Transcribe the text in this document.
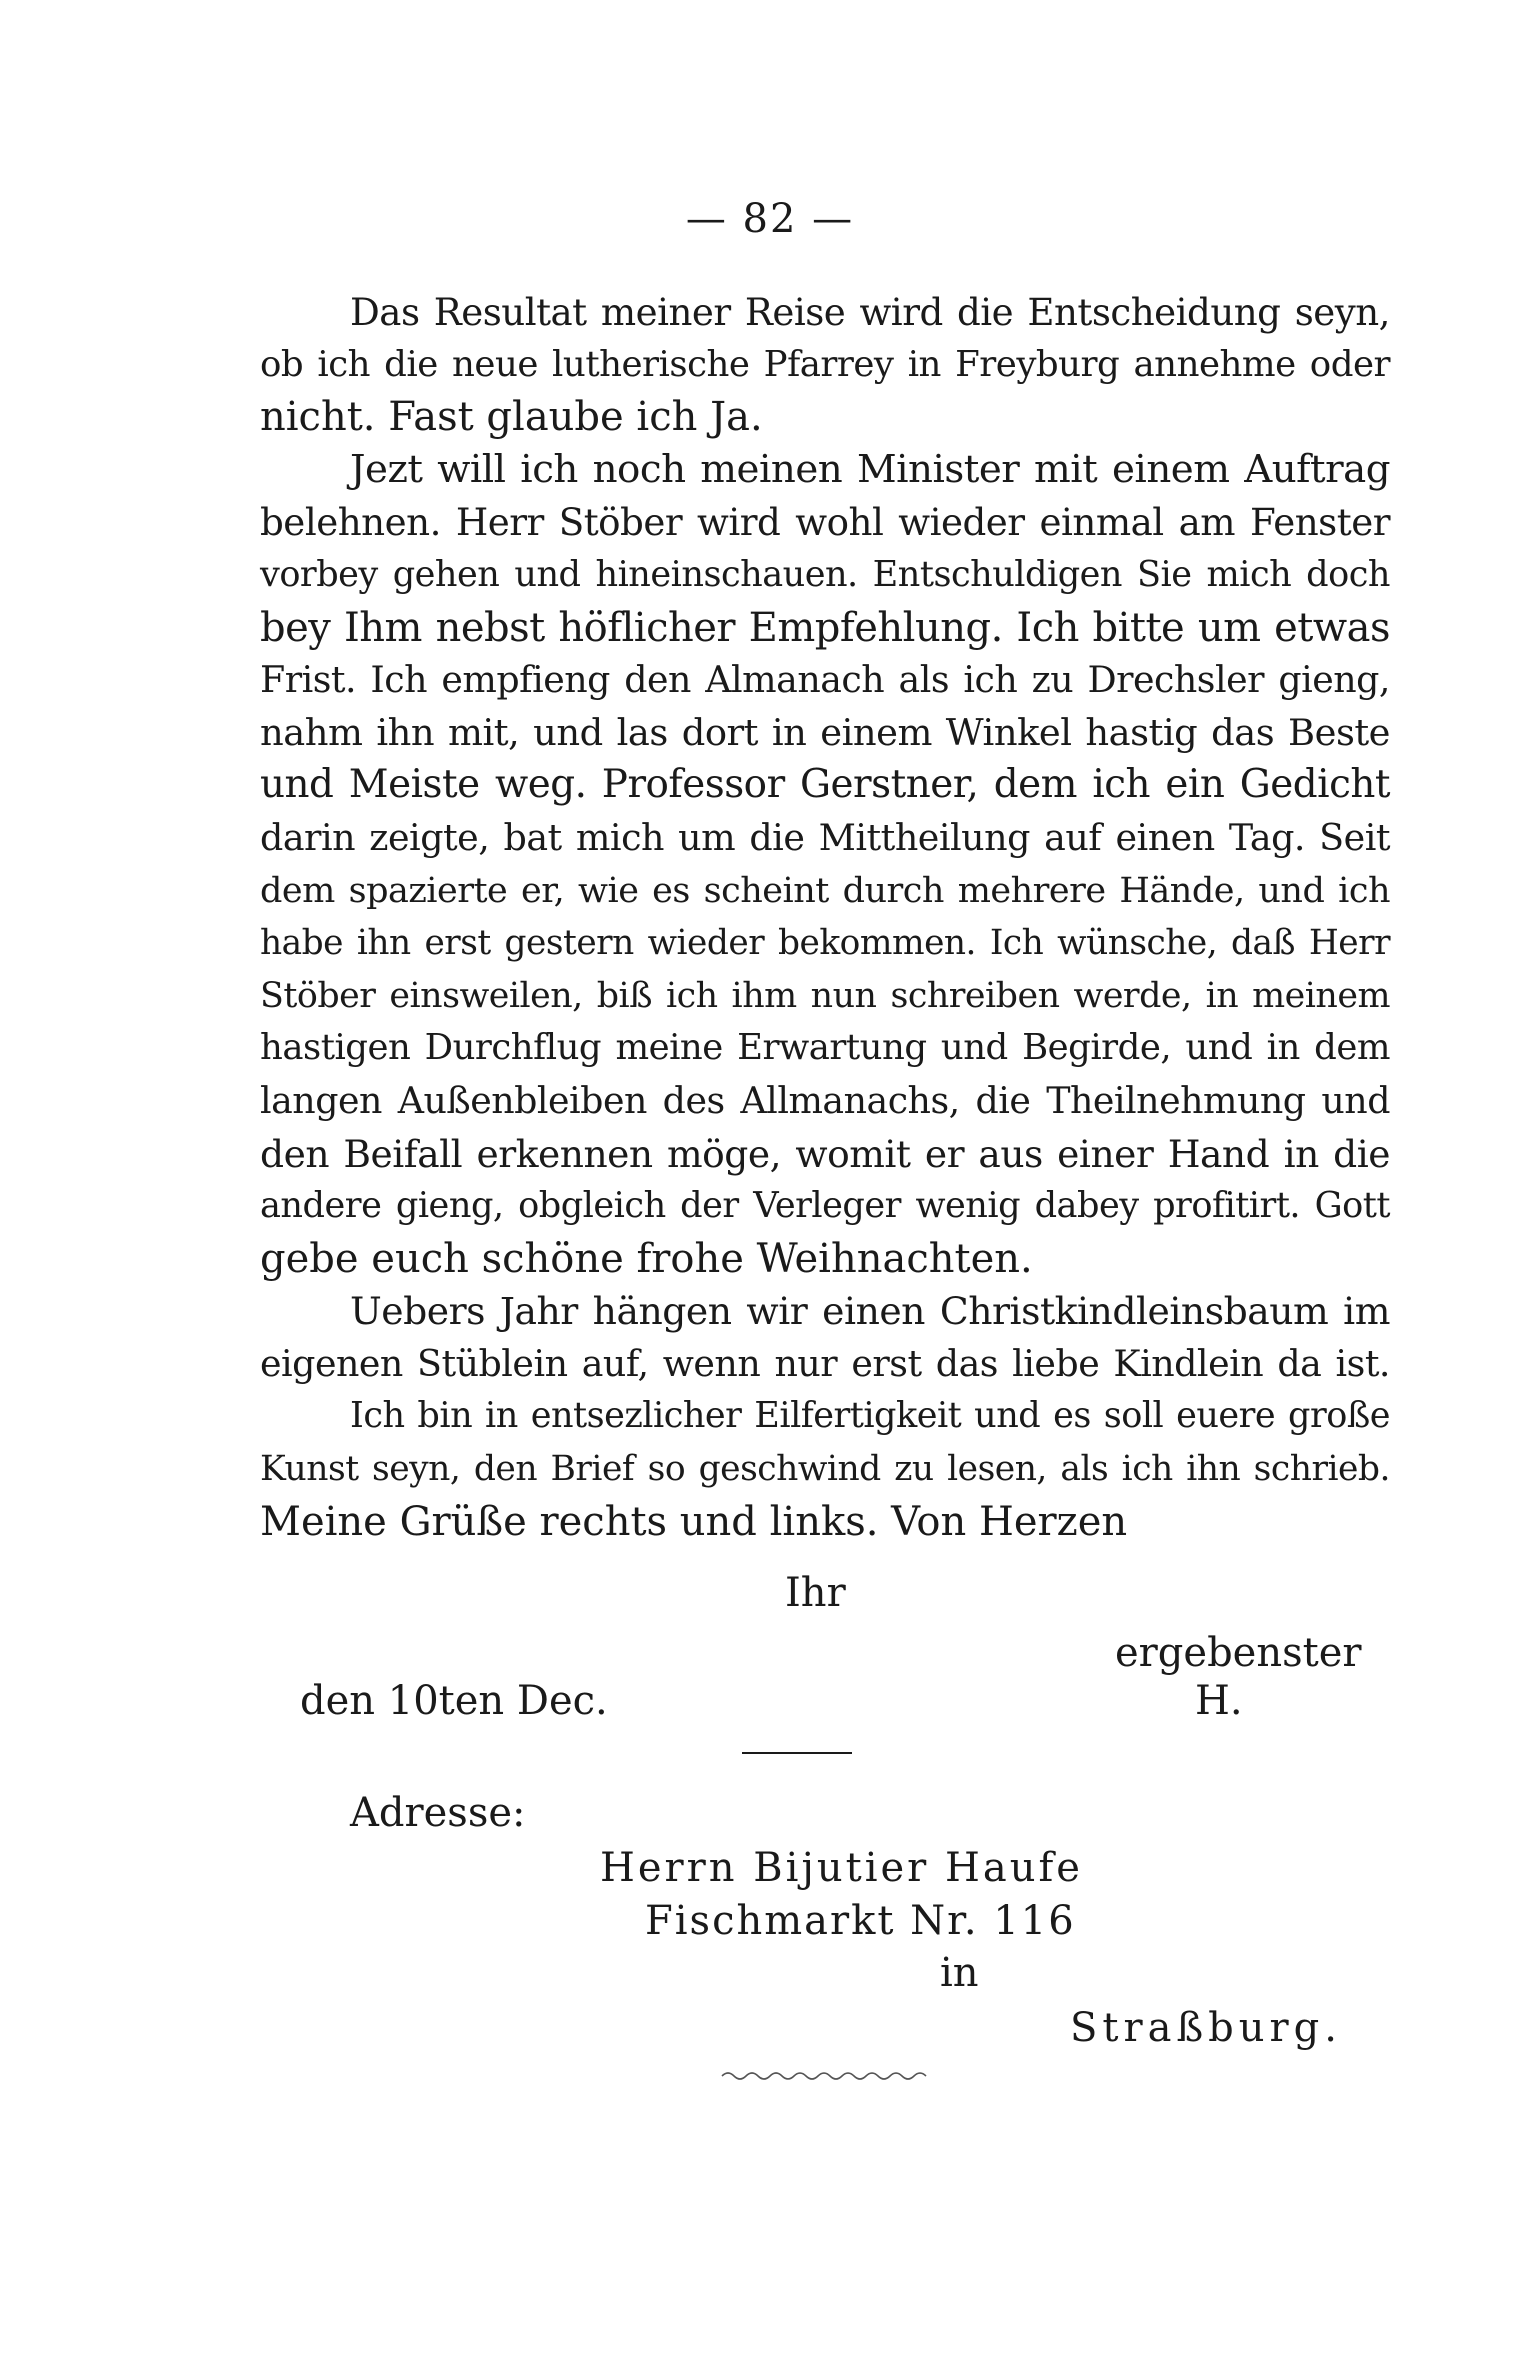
— 82 —
Das Resultat meiner Reise wird die Entscheidung seyn,
ob ich die neue lutherische Pfarrey in Freyburg annehme oder
nicht. Fast glaube ich Ja.
Jezt will ich noch meinen Minister mit einem Auftrag
belehnen. Herr Stöber wird wohl wieder einmal am Fenster
vorbey gehen und hineinschauen. Entschuldigen Sie mich doch
bey Ihm nebst höflicher Empfehlung. Ich bitte um etwas
Frist. Ich empfieng den Almanach als ich zu Drechsler gieng,
nahm ihn mit, und las dort in einem Winkel hastig das Beste
und Meiste weg. Professor Gerstner, dem ich ein Gedicht
darin zeigte, bat mich um die Mittheilung auf einen Tag. Seit
dem spazierte er, wie es scheint durch mehrere Hände, und ich
habe ihn erst gestern wieder bekommen. Ich wünsche, daß Herr
Stöber einsweilen, biß ich ihm nun schreiben werde, in meinem
hastigen Durchflug meine Erwartung und Begirde, und in dem
langen Außenbleiben des Allmanachs, die Theilnehmung und
den Beifall erkennen möge, womit er aus einer Hand in die
andere gieng, obgleich der Verleger wenig dabey profitirt. Gott
gebe euch schöne frohe Weihnachten.
Uebers Jahr hängen wir einen Christkindleinsbaum im
eigenen Stüblein auf, wenn nur erst das liebe Kindlein da ist.
Ich bin in entsezlicher Eilfertigkeit und es soll euere große
Kunst seyn, den Brief so geschwind zu lesen, als ich ihn schrieb.
Meine Grüße rechts und links. Von Herzen
Ihr
ergebenster
den 10ten Dec.	H.
Adresse:
Herrn Bijutier Haufe
Fischmarkt Nr. 116
in
Straßburg.
